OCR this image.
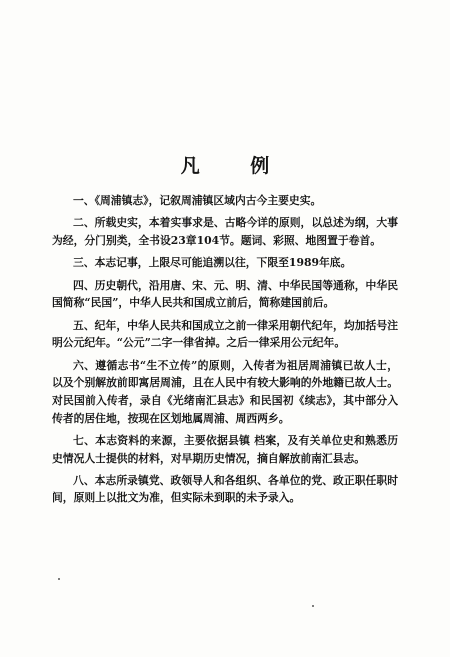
凡 例

一、《周浦镇志》，记叙周浦镇区域内古今主要史实。

二、所载史实，本着实事求是、古略今详的原则，以总述为纲，大事为经，分门别类，全书设23章104节。题词、彩照、地图置于卷首。

三、本志记事，上限尽可能追溯以往，下限至1989年底。

四、历史朝代，沿用唐、宋、元、明、清、中华民国等通称，中华民国简称“民国”，中华人民共和国成立前后，简称建国前后。

五、纪年，中华人民共和国成立之前一律采用朝代纪年，均加括号注明公元纪年。“公元”二字一律省掉。之后一律采用公元纪年。

六、遵循志书“生不立传”的原则，入传者为祖居周浦镇已故人士，以及个别解放前即寓居周浦，且在人民中有较大影响的外地籍已故人士。对民国前入传者，录自《光绪南汇县志》和民国初《续志》，其中部分入传者的居住地，按现在区划地属周浦、周西两乡。

七、本志资料的来源，主要依据县镇 档案，及有关单位史和熟悉历史情况人士提供的材料，对早期历史情况，摘自解放前南汇县志。

八、本志所录镇党、政领导人和各组织、各单位的党、政正职任职时间，原则上以批文为准，但实际未到职的未予录入。
